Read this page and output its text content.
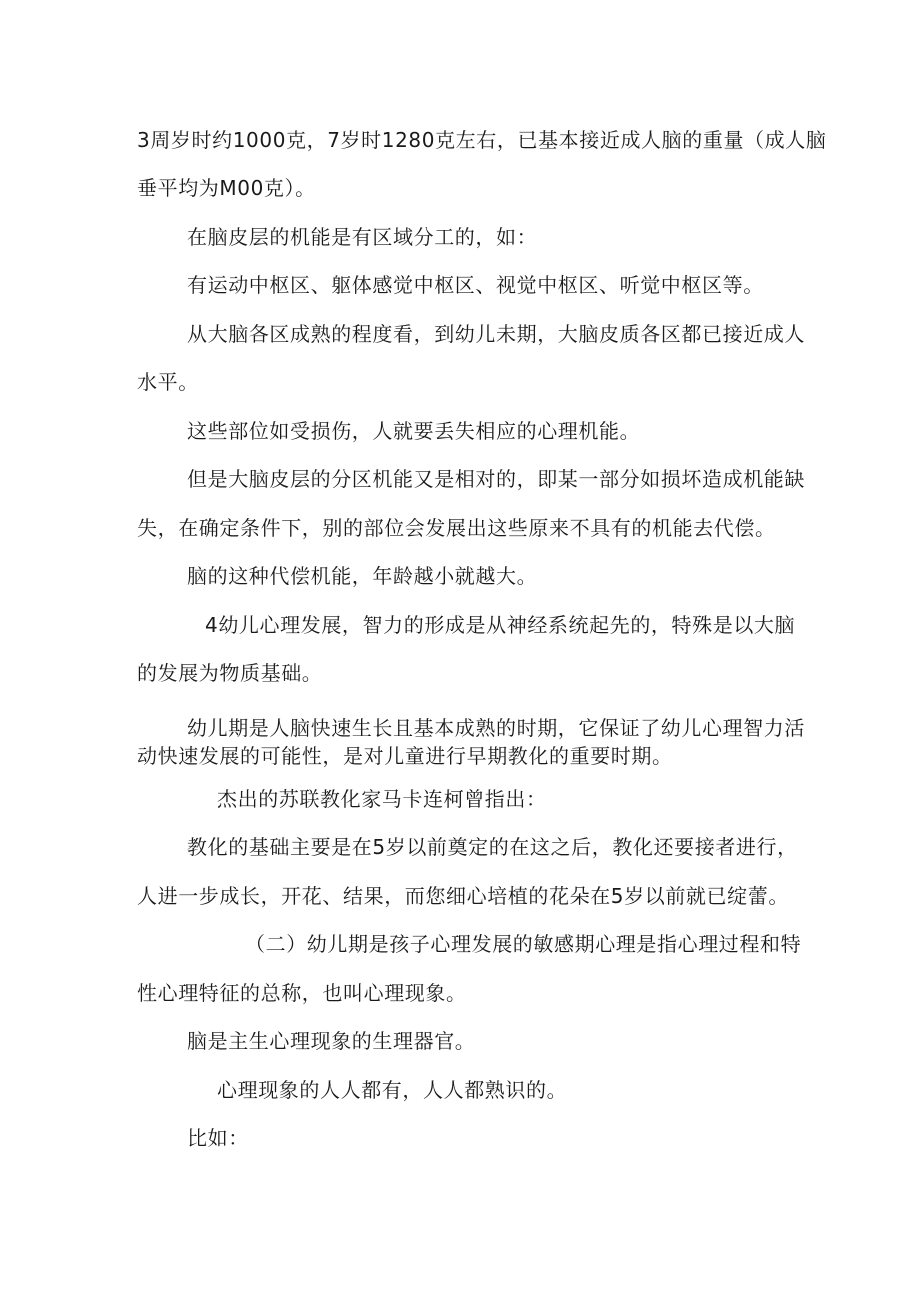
3周岁时约1000克，7岁时1280克左右，已基本接近成人脑的重量（成人脑
垂平均为M00克）。
在脑皮层的机能是有区域分工的，如：
有运动中枢区、躯体感觉中枢区、视觉中枢区、听觉中枢区等。
从大脑各区成熟的程度看，到幼儿未期，大脑皮质各区都已接近成人
水平。
这些部位如受损伤，人就要丢失相应的心理机能。
但是大脑皮层的分区机能又是相对的，即某一部分如损坏造成机能缺
失，在确定条件下，别的部位会发展出这些原来不具有的机能去代偿。
脑的这种代偿机能，年龄越小就越大。
4幼儿心理发展，智力的形成是从神经系统起先的，特殊是以大脑
的发展为物质基础。
幼儿期是人脑快速生长且基本成熟的时期，它保证了幼儿心理智力活
动快速发展的可能性，是对儿童进行早期教化的重要时期。
杰出的苏联教化家马卡连柯曾指出：
教化的基础主要是在5岁以前奠定的在这之后，教化还要接者进行，
人进一步成长，开花、结果，而您细心培植的花朵在5岁以前就已绽蕾。
（二）幼儿期是孩子心理发展的敏感期心理是指心理过程和特
性心理特征的总称，也叫心理现象。
脑是主生心理现象的生理器官。
心理现象的人人都有，人人都熟识的。
比如：
